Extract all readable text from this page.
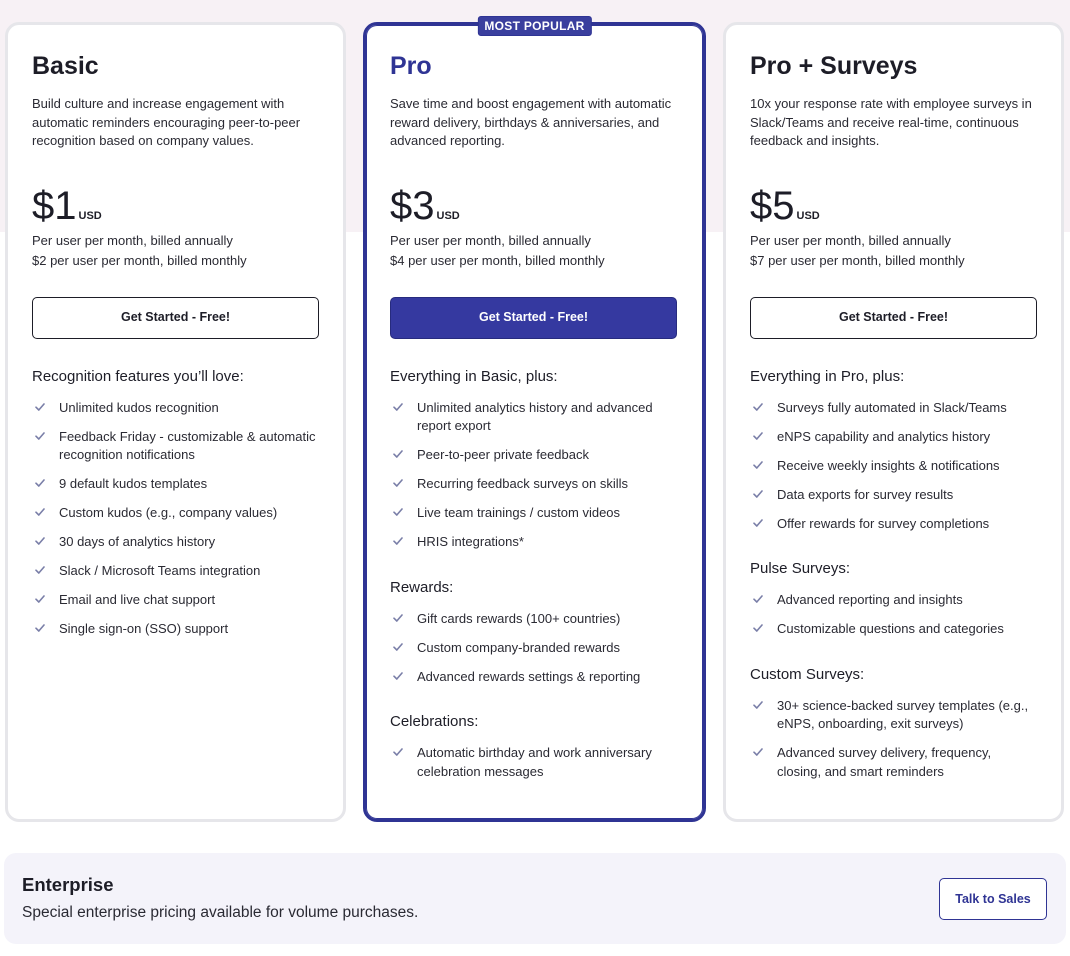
Basic

Build culture and increase engagement with automatic reminders encouraging peer-to-peer recognition based on company values.

$1 USD

Per user per month, billed annually

$2 per user per month, billed monthly

Get Started - Free!
Recognition features you’ll love:
Unlimited kudos recognition
Feedback Friday - customizable & automatic recognition notifications
9 default kudos templates
Custom kudos (e.g., company values)
30 days of analytics history
Slack / Microsoft Teams integration
Email and live chat support
Single sign-on (SSO) support
MOST POPULAR
Pro

Save time and boost engagement with automatic reward delivery, birthdays & anniversaries, and advanced reporting.

$3 USD

Per user per month, billed annually

$4 per user per month, billed monthly

Get Started - Free!
Everything in Basic, plus:
Unlimited analytics history and advanced report export
Peer-to-peer private feedback
Recurring feedback surveys on skills
Live team trainings / custom videos
HRIS integrations*
Rewards:
Gift cards rewards (100+ countries)
Custom company-branded rewards
Advanced rewards settings & reporting
Celebrations:
Automatic birthday and work anniversary celebration messages
Pro + Surveys

10x your response rate with employee surveys in Slack/Teams and receive real-time, continuous feedback and insights.

$5 USD

Per user per month, billed annually

$7 per user per month, billed monthly

Get Started - Free!
Everything in Pro, plus:
Surveys fully automated in Slack/Teams
eNPS capability and analytics history
Receive weekly insights & notifications
Data exports for survey results
Offer rewards for survey completions
Pulse Surveys:
Advanced reporting and insights
Customizable questions and categories
Custom Surveys:
30+ science-backed survey templates (e.g., eNPS, onboarding, exit surveys)
Advanced survey delivery, frequency, closing, and smart reminders
Enterprise
Special enterprise pricing available for volume purchases.
Talk to Sales
